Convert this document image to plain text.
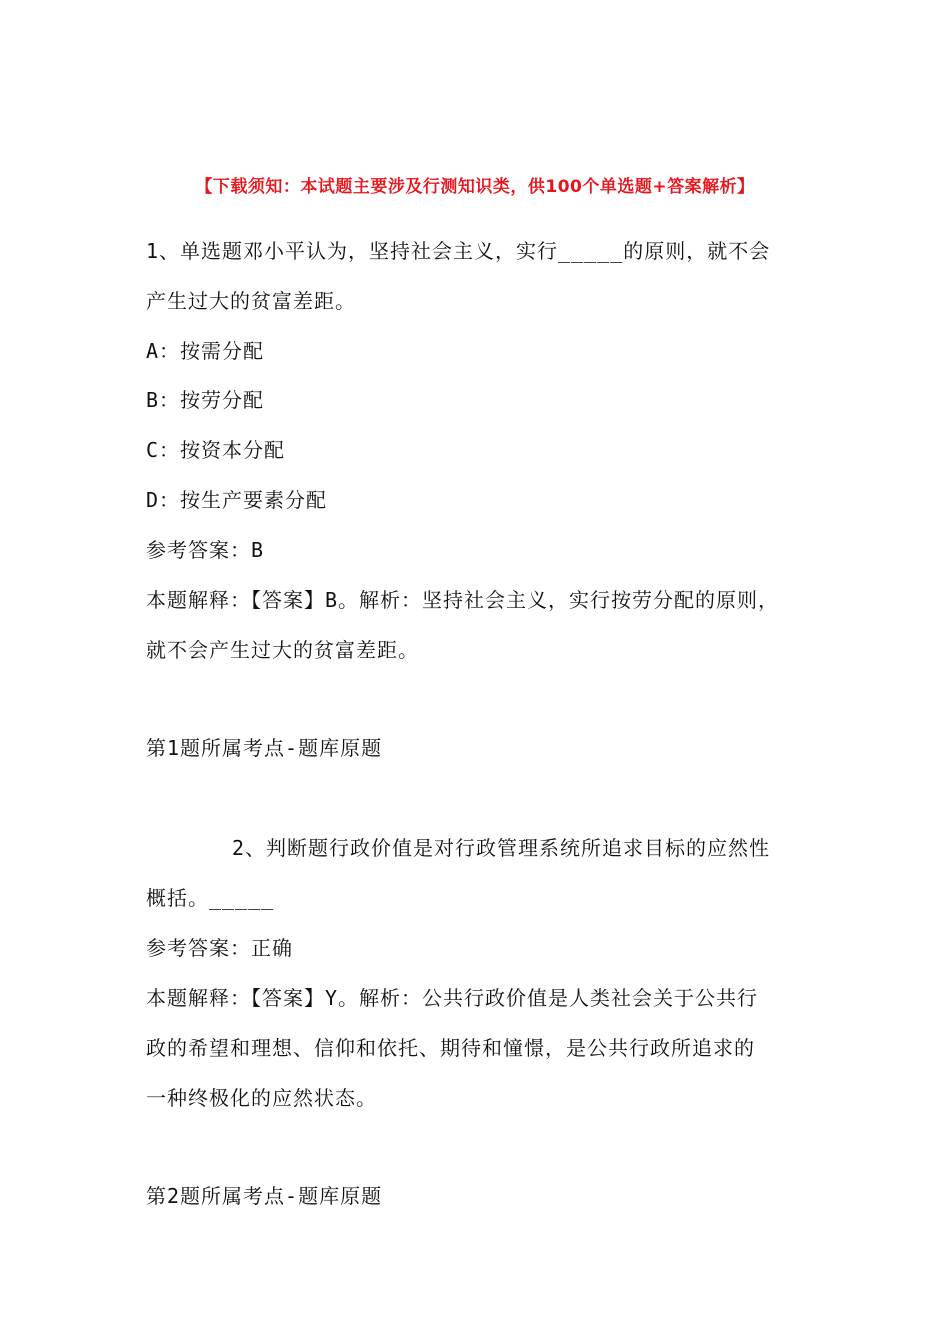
【下载须知：本试题主要涉及行测知识类，供100个单选题+答案解析】
1、单选题邓小平认为，坚持社会主义，实行_____的原则，就不会
产生过大的贫富差距。
A：按需分配
B：按劳分配
C：按资本分配
D：按生产要素分配
参考答案：B
本题解释：【答案】B。解析：坚持社会主义，实行按劳分配的原则，
就不会产生过大的贫富差距。
第1题所属考点-题库原题
2、判断题行政价值是对行政管理系统所追求目标的应然性
概括。_____
参考答案：正确
本题解释：【答案】Y。解析：公共行政价值是人类社会关于公共行
政的希望和理想、信仰和依托、期待和憧憬，是公共行政所追求的
一种终极化的应然状态。
第2题所属考点-题库原题
